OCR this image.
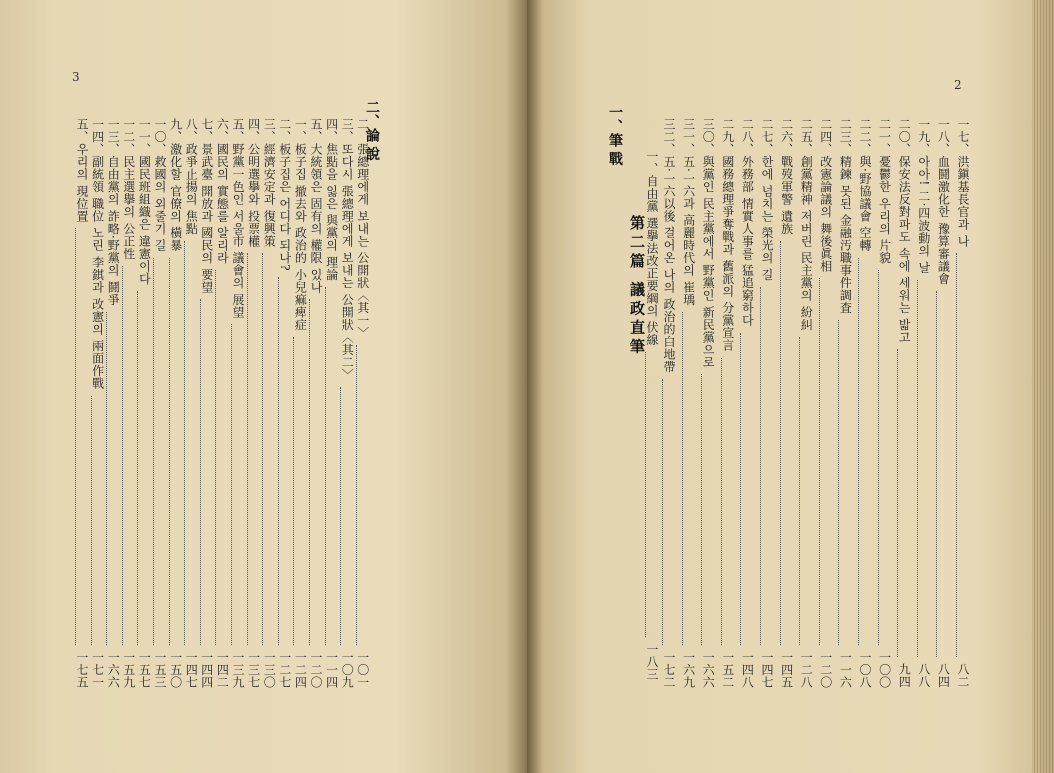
3
二、論 說
五、우리의 現位置
一七五
一四、副統領 職位 노린 李錤과 改憲의 兩面作戰
一七一
一三、自由黨의 詐略·野黨의 鬪爭
一六六
一二、民主選擧의 公正性
一五九
一一、國民班組織은 違憲이다
一五七
一〇、救國의 외줄기 길
一五三
九、激化할 官僚의 橫暴
一五〇
八、政爭止揚의 焦點
一四七
七、景武臺 開放과 國民의 要望
一四四
六、國民의 實態를 알리라
一四二
五、野黨一色인 서울市 議會의 展望
一三九
四、公明選擧와 投票權
一三七
三、經濟安定과 復興策
一三〇
二、板子집은 어디다 되나?
一二七
一、板子집 撤去와 政治的 小兒痲痺症
一二四
五、大統領은 固有의 權限 있나
一二〇
四、焦點을 잃은 與黨의 理論
一一四
三、또다시 張總理에게 보내는 公開狀〈其二〉
一〇九
二、張總理에게 보내는 公開狀〈其一〉
一〇一
2
一、筆 戰
第二篇 議政直筆 一、自由黨 選擧法改正要綱의 伏線
一八三
三二、五·一六以後 걸어온 나의 政治的白地帶
一七二
三一、五·一六과 高麗時代의 崔瑀
一六九
三〇、與黨인 民主黨에서 野黨인 新民黨으로
一六六
二九、國務總理爭奪戰과 舊派의 分黨宣言
一五二
二八、外務部 情實人事를 猛追窮하다
一四八
二七、한에 넘치는 榮光의 길
一四七
二六、戰歿軍警 遺族
一四五
二五、創黨精神 저버린 民主黨의 紛糾
一二八
二四、改憲論議의 舞後眞相
一二〇
二三、精鍊 못된 金融汚職事件調査
一一六
二二、與·野協議會 空轉
一〇八
二一、憂鬱한 우리의 片貌
一〇〇
二〇、保安法反對파도 속에 세워는 밟고
九四
一九、아아! 二·四波動의 날
八八
一八、血鬪激化한 豫算審議會
八四
一七、洪鎭基長官과 나
八二
